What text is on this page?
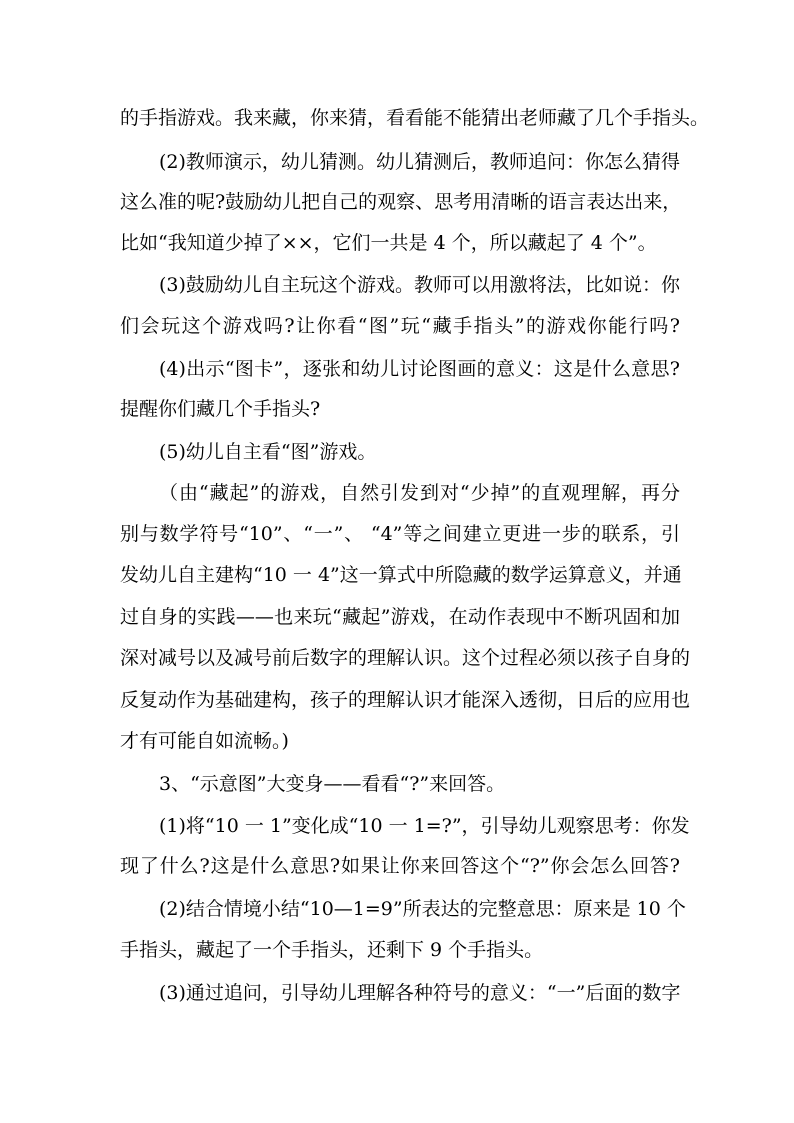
的手指游戏。我来藏，你来猜，看看能不能猜出老师藏了几个手指头。
(2)教师演示，幼儿猜测。幼儿猜测后，教师追问：你怎么猜得
这么准的呢?鼓励幼儿把自己的观察、思考用清晰的语言表达出来，
比如“我知道少掉了××，它们一共是 4 个，所以藏起了 4 个”。
(3)鼓励幼儿自主玩这个游戏。教师可以用激将法，比如说：你
们会玩这个游戏吗?让你看“图”玩“藏手指头”的游戏你能行吗?
(4)出示“图卡”，逐张和幼儿讨论图画的意义：这是什么意思?
提醒你们藏几个手指头?
(5)幼儿自主看“图”游戏。
（由“藏起”的游戏，自然引发到对“少掉”的直观理解，再分
别与数学符号“10”、“一”、 “4”等之间建立更进一步的联系，引
发幼儿自主建构“10 一 4”这一算式中所隐藏的数学运算意义，并通
过自身的实践——也来玩“藏起”游戏，在动作表现中不断巩固和加
深对减号以及减号前后数字的理解认识。这个过程必须以孩子自身的
反复动作为基础建构，孩子的理解认识才能深入透彻，日后的应用也
才有可能自如流畅。)
3、“示意图”大变身——看看“?”来回答。
(1)将“10 一 1”变化成“10 一 1=?”，引导幼儿观察思考：你发
现了什么?这是什么意思?如果让你来回答这个“?”你会怎么回答?
(2)结合情境小结“10—1=9”所表达的完整意思：原来是 10 个
手指头，藏起了一个手指头，还剩下 9 个手指头。
(3)通过追问，引导幼儿理解各种符号的意义：“一”后面的数字
